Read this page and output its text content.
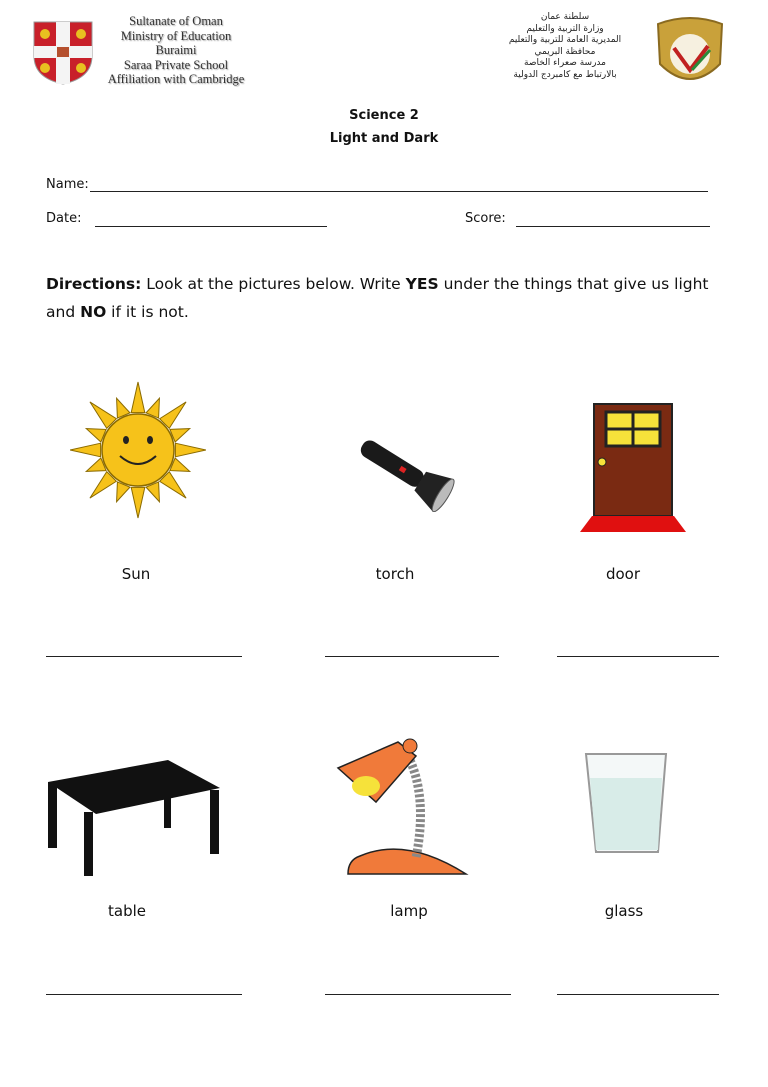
Sultanate of Oman
Ministry of Education
Buraimi
Saraa Private School
Affiliation with Cambridge
سلطنة عمان
وزارة التربية والتعليم
المديرية العامة للتربية والتعليم
محافظة البريمي
مدرسة صعراء الخاصة
بالارتباط مع كامبردج الدولية
Science 2
Light and Dark
Name:
Date:	Score:
Directions: Look at the pictures below. Write YES under the things that give us light and NO if it is not.
Sun	torch	door
table	lamp	glass
